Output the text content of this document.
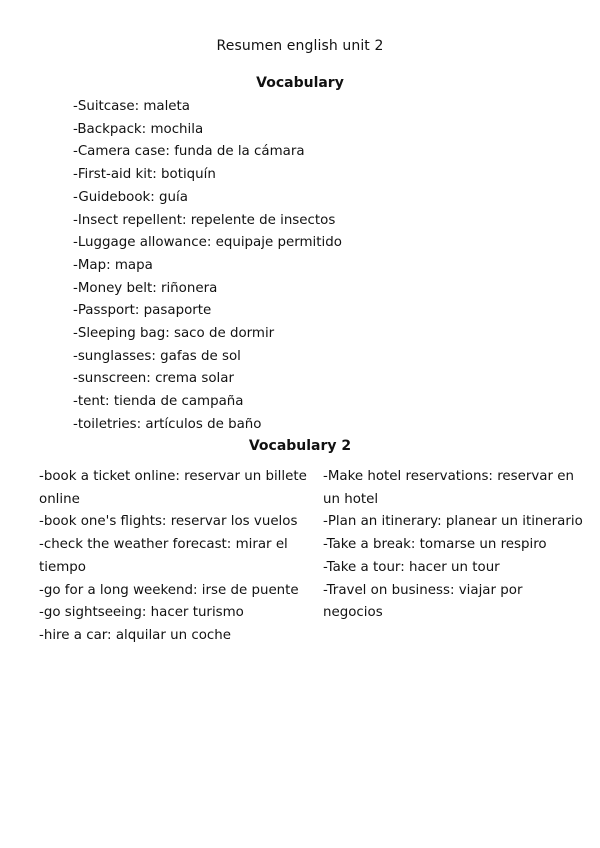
Resumen english unit 2
Vocabulary
-Suitcase: maleta
-Backpack: mochila
-Camera case: funda de la cámara
-First-aid kit: botiquín
-Guidebook: guía
-Insect repellent: repelente de insectos
-Luggage allowance: equipaje permitido
-Map: mapa
-Money belt: riñonera
-Passport: pasaporte
-Sleeping bag: saco de dormir
-sunglasses: gafas de sol
-sunscreen: crema solar
-tent: tienda de campaña
-toiletries: artículos de baño
Vocabulary 2
-book a ticket online: reservar un billete online
-book one's flights: reservar los vuelos
-check the weather forecast: mirar el tiempo
-go for a long weekend: irse de puente
-go sightseeing: hacer turismo
-hire a car: alquilar un coche
-Make hotel reservations: reservar en un hotel
-Plan an itinerary: planear un itinerario
-Take a break: tomarse un respiro
-Take a tour: hacer un tour
-Travel on business: viajar por negocios
